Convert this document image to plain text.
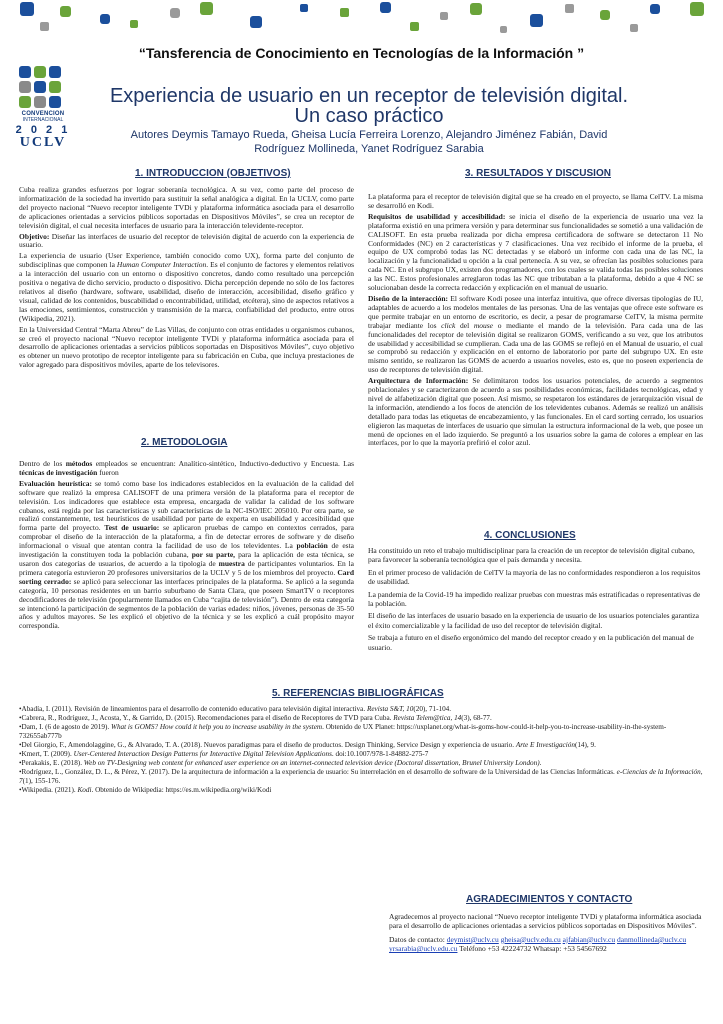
“Tansferencia de Conocimiento en Tecnologías de la Información ”
CONVENCION
INTERNACIONAL
2 0 2 1
UCLV
Experiencia de usuario en un receptor de televisión digital. Un caso práctico
Autores Deymis Tamayo Rueda, Gheisa Lucía Ferreira Lorenzo, Alejandro Jiménez Fabián, David Rodríguez Mollineda, Yanet Rodríguez Sarabia
1. INTRODUCCION (OBJETIVOS)

Cuba realiza grandes esfuerzos por lograr soberanía tecnológica. A su vez, como parte del proceso de informatización de la sociedad ha invertido para sustituir la señal analógica a digital. En la UCLV, como parte del proyecto nacional “Nuevo receptor inteligente TVDi y plataforma informática asociada para el desarrollo de aplicaciones orientadas a servicios públicos soportadas en Dispositivos Móviles”, se crea un receptor de televisión digital, el cual necesita interfaces de usuario para la interacción televidente-receptor.

Objetivo: Diseñar las interfaces de usuario del receptor de televisión digital de acuerdo con la experiencia de usuario.

La experiencia de usuario (User Experience, también conocido como UX), forma parte del conjunto de subdisciplinas que componen la Human Computer Interaction. Es el conjunto de factores y elementos relativos a la interacción del usuario con un entorno o dispositivo concretos, dando como resultado una percepción positiva o negativa de dicho servicio, producto o dispositivo. Dicha percepción depende no sólo de los factores relativos al diseño (hardware, software, usabilidad, diseño de interacción, accesibilidad, diseño gráfico y visual, calidad de los contenidos, buscabilidad o encontrabilidad, utilidad, etcétera), sino de aspectos relativos a las emociones, sentimientos, construcción y transmisión de la marca, confiabilidad del producto, entre otros (Wikipedia, 2021).

En la Universidad Central “Marta Abreu” de Las Villas, de conjunto con otras entidades u organismos cubanos, se creó el proyecto nacional “Nuevo receptor inteligente TVDi y plataforma informática asociada para el desarrollo de aplicaciones orientadas a servicios públicos soportadas en Dispositivos Móviles”, cuyo objetivo es obtener un nuevo prototipo de receptor inteligente para su fabricación en Cuba, que incluya prestaciones de valor agregado para dispositivos móviles, aparte de los televisores.

2. METODOLOGIA

Dentro de los métodos empleados se encuentran: Analítico-sintético, Inductivo-deductivo y Encuesta. Las técnicas de investigación fueron

Evaluación heurística: se tomó como base los indicadores establecidos en la evaluación de la calidad del software que realizó la empresa CALISOFT de una primera versión de la plataforma para el receptor de televisión. Los indicadores que establece esta empresa, encargada de validar la calidad de los software cubanos, está regida por las características y sub características de la NC-ISO/IEC 205010. Por otra parte, se realizó constantemente, test heurísticos de usabilidad por parte de experta en usabilidad y accesibilidad que forma parte del proyecto. Test de usuario: se aplicaron pruebas de campo en contextos cerrados, para comprobar el diseño de la interacción de la plataforma, a fin de detectar errores de software y de diseño informacional o visual que atentan contra la facilidad de uso de los televidentes. La población de esta investigación la constituyen toda la población cubana, por su parte, para la aplicación de esta técnica, se usaron dos categorías de usuarios, de acuerdo a la tipología de muestra de participantes voluntarios. En la primera categoría estuvieron 20 profesores universitarios de la UCLV y 5 de los miembros del proyecto. Card sorting cerrado: se aplicó para seleccionar las interfaces principales de la plataforma. Se aplicó a la segunda categoría, 10 personas residentes en un barrio suburbano de Santa Clara, que poseen SmartTV o receptores decodificadores de televisión (popularmente llamados en Cuba “cajita de televisión”). Dentro de esta categoría se intencionó la participación de segmentos de la población de varias edades: niños, jóvenes, personas de 35-50 años y adultos mayores. Se les explicó el objetivo de la técnica y se les explicó a cuál propósito mayor correspondía.

3. RESULTADOS Y DISCUSION

La plataforma para el receptor de televisión digital que se ha creado en el proyecto, se llama CelTV. La misma se desarrolló en Kodi.

Requisitos de usabilidad y accesibilidad: se inicia el diseño de la experiencia de usuario una vez la plataforma existió en una primera versión y para determinar sus funcionalidades se sometió a una validación de CALISOFT. En esta prueba realizada por dicha empresa certificadora de software se detectaron 11 No Conformidades (NC) en 2 características y 7 clasificaciones. Una vez recibido el informe de la prueba, el equipo de UX comprobó todas las NC detectadas y se elaboró un informe con cada una de las NC, la localización y la funcionalidad u opción a la cual pertenecía. A su vez, se ofrecían las posibles soluciones para cada NC. En el subgrupo UX, existen dos programadores, con los cuales se valida todas las posibles soluciones a las NC. Estos profesionales arreglaron todas las NC que tributaban a la plataforma, debido a que 4 NC se solucionaban desde la correcta redacción y explicación en el manual de usuario.

Diseño de la interacción: El software Kodi posee una interfaz intuitiva, que ofrece diversas tipologías de IU, adaptables de acuerdo a los modelos mentales de las personas. Una de las ventajas que ofrece este software es que permite trabajar en un entorno de escritorio, es decir, a pesar de programarse CelTV, la misma permite trabajar mediante los click del mouse o mediante el mando de la televisión. Para cada una de las funcionalidades del receptor de televisión digital se realizaron GOMS, verificando a su vez, que los atributos de usabilidad y accesibilidad se cumplieran. Cada una de las GOMS se reflejó en el Manual de usuario, el cual se comprobó su redacción y explicación en el entorno de laboratorio por parte del subgrupo UX. En este mismo sentido, se realizaron las GOMS de acuerdo a usuarios noveles, esto es, que no poseen experiencia de uso de receptores de televisión digital.

Arquitectura de Información: Se delimitaron todos los usuarios potenciales, de acuerdo a segmentos poblacionales y se caracterizaron de acuerdo a sus posibilidades económicas, facilidades tecnológicas, edad y nivel de alfabetización digital que poseen. Así mismo, se respetaron los estándares de jerarquización visual de la información, atendiendo a los focos de atención de los televidentes cubanos. Además se realizó un análisis detallado para todas las etiquetas de encabezamiento, y las funcionales. En el card sorting cerrado, los usuarios eligieron las maquetas de interfaces de usuario que simulan la estructura informacional de la web, que posee un menú de opciones en el lado izquierdo. Se preguntó a los usuarios sobre la gama de colores a emplear en las interfaces, por lo que la mayoría prefirió el color azul.

4. CONCLUSIONES

Ha constituido un reto el trabajo multidisciplinar para la creación de un receptor de televisión digital cubano, para favorecer la soberanía tecnológica que el país demanda y necesita.

En el primer proceso de validación de CelTV la mayoría de las no conformidades respondieron a los requisitos de usabilidad.

La pandemia de la Covid-19 ha impedido realizar pruebas con muestras más estratificadas o representativas de la población.

El diseño de las interfaces de usuario basado en la experiencia de usuario de los usuarios potenciales garantiza el éxito comercializable y la facilidad de uso del receptor de televisión digital.

Se trabaja a futuro en el diseño ergonómico del mando del receptor creado y en la publicación del manual de usuario.

5. REFERENCIAS BIBLIOGRÁFICAS

•Abadía, I. (2011). Revisión de lineamientos para el desarrollo de contenido educativo para televisión digital interactiva. Revista S&T, 10(20), 71-104.

•Cabrera, R., Rodríguez, J., Acosta, Y., & Garrido, D. (2015). Recomendaciones para el diseño de Receptores de TVD para Cuba. Revista Telem@tica, 14(3), 68-77.

•Dam, I. (6 de agosto de 2019). What is GOMS? How could it help you to increase usability in the system. Obtenido de UX Planet: https://uxplanet.org/what-is-goms-how-could-it-help-you-to-increase-usability-in-the-system-732655ab777b

•Del Giorgio, F., Amendolaggine, G., & Alvarado, T. A. (2018). Nuevos paradigmas para el diseño de productos. Design Thinking, Service Design y experiencia de usuario. Arte E Investigación(14), 9.

•Kmert, T. (2009). User-Centered Interaction Design Patterns for Interactive Digital Television Applications. doi:10.1007/978-1-84882-275-7

•Perakakis, E. (2018). Web on TV-Designing web content for enhanced user experience on an internet-connected television device (Doctoral dissertation, Brunel University London).

•Rodríguez, L., González, D. L., & Pérez, Y. (2017). De la arquitectura de información a la experiencia de usuario: Su interrelación en el desarrollo de software de la Universidad de las Ciencias Informáticas. e-Ciencias de la Información, 7(1), 155-176.

•Wikipedia. (2021). Kodi. Obtenido de Wikipedia: https://es.m.wikipedia.org/wiki/Kodi

AGRADECIMIENTOS Y CONTACTO

Agradecemos al proyecto nacional “Nuevo receptor inteligente TVDi y plataforma informática asociada para el desarrollo de aplicaciones orientadas a servicios públicos soportadas en Dispositivos Móviles”.

Datos de contacto: deymist@uclv.cu gheisa@uclv.edu.cu ajfabian@uclv.cu danmollineda@uclv.cu yrsarabia@uclv.edu.cu Teléfono +53 42224732 Whatsap: +53 54567692
